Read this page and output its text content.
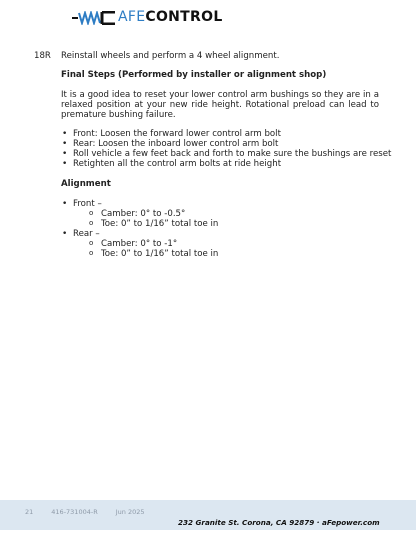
AFECONTROL
18R Reinstall wheels and perform a 4 wheel alignment.
Final Steps (Performed by installer or alignment shop)
It is a good idea to reset your lower control arm bushings so they are in a relaxed position at your new ride height. Rotational preload can lead to premature bushing failure.
• Front: Loosen the forward lower control arm bolt
• Rear: Loosen the inboard lower control arm bolt
• Roll vehicle a few feet back and forth to make sure the bushings are reset
• Retighten all the control arm bolts at ride height
Alignment
• Front –
o Camber: 0° to -0.5°
o Toe: 0” to 1/16” total toe in
• Rear –
o Camber: 0° to -1°
o Toe: 0” to 1/16” total toe in
21	416-731004-R	Jun 2025
232 Granite St. Corona, CA 92879 · aFepower.com
